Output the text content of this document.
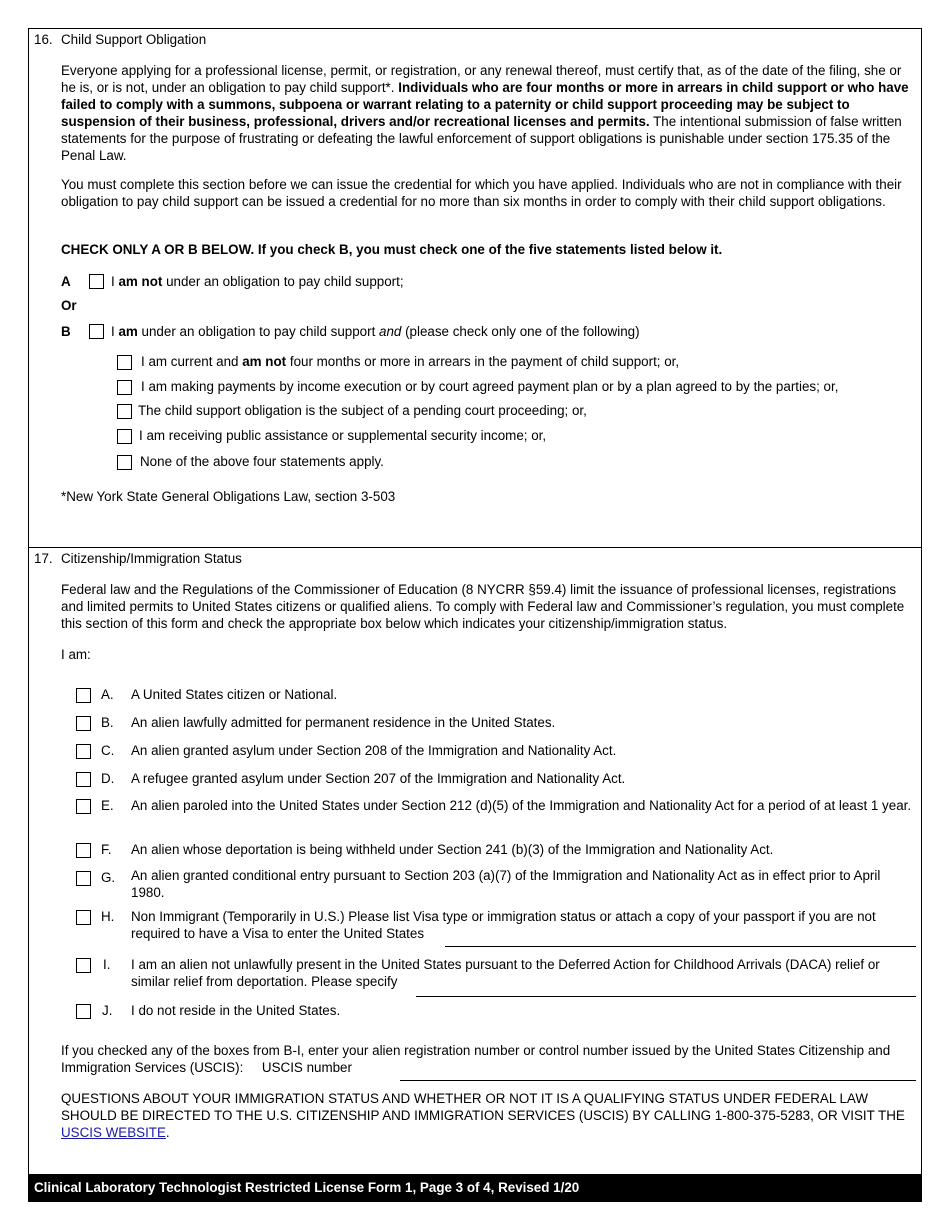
16. Child Support Obligation
Everyone applying for a professional license, permit, or registration, or any renewal thereof, must certify that, as of the date of the filing, she or he is, or is not, under an obligation to pay child support*. Individuals who are four months or more in arrears in child support or who have failed to comply with a summons, subpoena or warrant relating to a paternity or child support proceeding may be subject to suspension of their business, professional, drivers and/or recreational licenses and permits. The intentional submission of false written statements for the purpose of frustrating or defeating the lawful enforcement of support obligations is punishable under section 175.35 of the Penal Law.
You must complete this section before we can issue the credential for which you have applied. Individuals who are not in compliance with their obligation to pay child support can be issued a credential for no more than six months in order to comply with their child support obligations.
CHECK ONLY A OR B BELOW. If you check B, you must check one of the five statements listed below it.
A	I am not under an obligation to pay child support;
Or
B	I am under an obligation to pay child support and (please check only one of the following)
I am current and am not four months or more in arrears in the payment of child support; or,
I am making payments by income execution or by court agreed payment plan or by a plan agreed to by the parties; or,
The child support obligation is the subject of a pending court proceeding; or,
I am receiving public assistance or supplemental security income; or,
None of the above four statements apply.
*New York State General Obligations Law, section 3-503
17. Citizenship/Immigration Status
Federal law and the Regulations of the Commissioner of Education (8 NYCRR §59.4) limit the issuance of professional licenses, registrations and limited permits to United States citizens or qualified aliens. To comply with Federal law and Commissioner’s regulation, you must complete this section of this form and check the appropriate box below which indicates your citizenship/immigration status.
I am:
A. A United States citizen or National.
B. An alien lawfully admitted for permanent residence in the United States.
C. An alien granted asylum under Section 208 of the Immigration and Nationality Act.
D. A refugee granted asylum under Section 207 of the Immigration and Nationality Act.
E. An alien paroled into the United States under Section 212 (d)(5) of the Immigration and Nationality Act for a period of at least 1 year.
F. An alien whose deportation is being withheld under Section 241 (b)(3) of the Immigration and Nationality Act.
G. An alien granted conditional entry pursuant to Section 203 (a)(7) of the Immigration and Nationality Act as in effect prior to April 1980.
H. Non Immigrant (Temporarily in U.S.) Please list Visa type or immigration status or attach a copy of your passport if you are not required to have a Visa to enter the United States
I. I am an alien not unlawfully present in the United States pursuant to the Deferred Action for Childhood Arrivals (DACA) relief or similar relief from deportation. Please specify
J. I do not reside in the United States.
If you checked any of the boxes from B-I, enter your alien registration number or control number issued by the United States Citizenship and Immigration Services (USCIS): USCIS number
QUESTIONS ABOUT YOUR IMMIGRATION STATUS AND WHETHER OR NOT IT IS A QUALIFYING STATUS UNDER FEDERAL LAW SHOULD BE DIRECTED TO THE U.S. CITIZENSHIP AND IMMIGRATION SERVICES (USCIS) BY CALLING 1-800-375-5283, OR VISIT THE USCIS WEBSITE.
Clinical Laboratory Technologist Restricted License Form 1, Page 3 of 4, Revised 1/20
